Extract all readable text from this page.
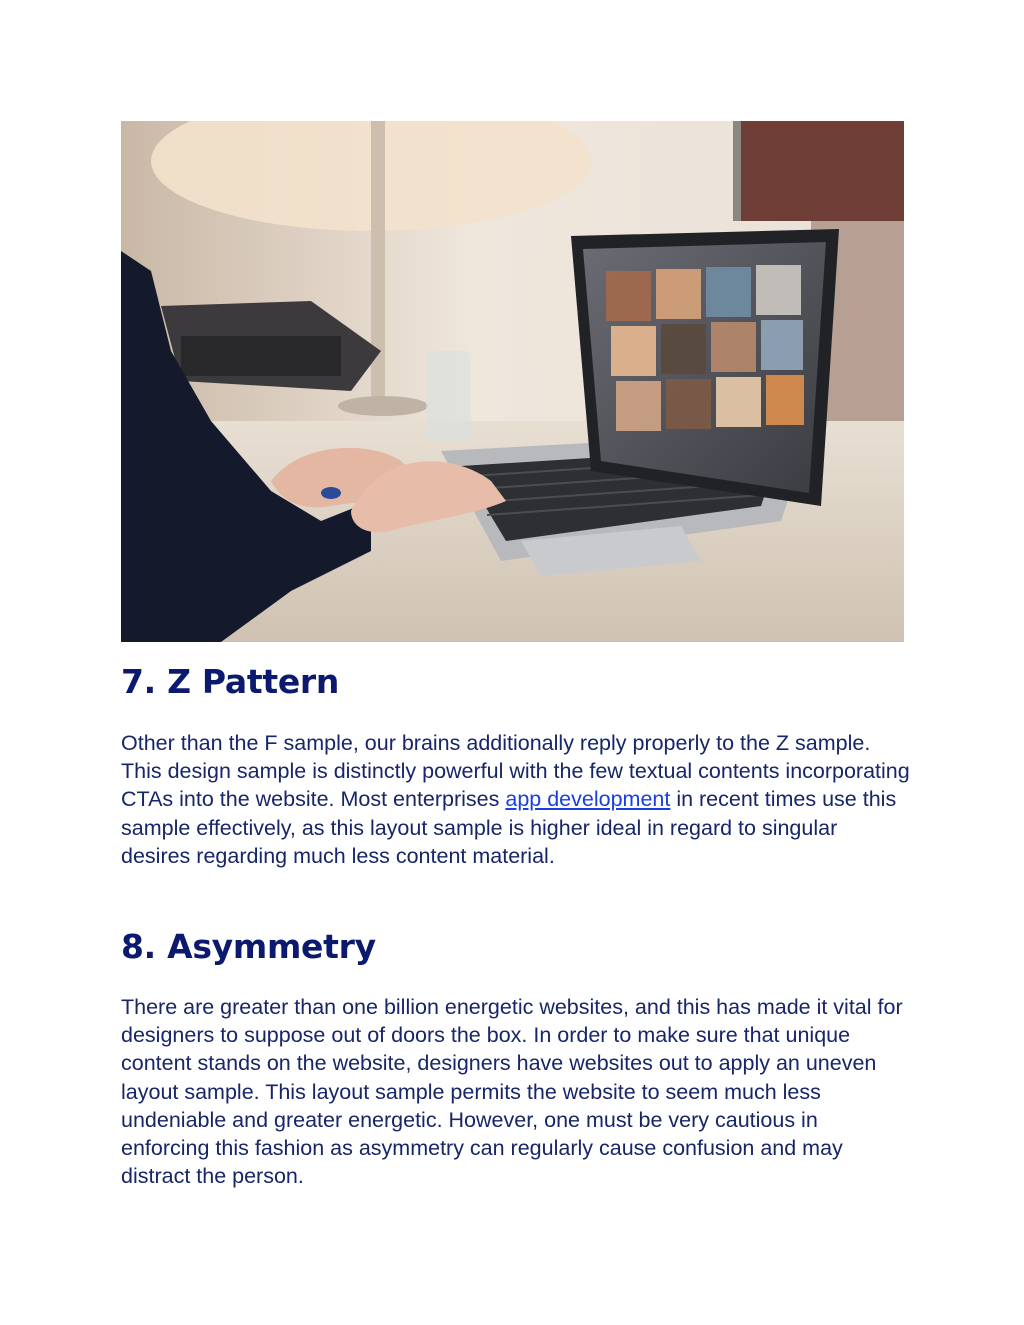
7. Z Pattern

Other than the F sample, our brains additionally reply properly to the Z sample. This design sample is distinctly powerful with the few textual contents incorporating CTAs into the website. Most enterprises app development in recent times use this sample effectively, as this layout sample is higher ideal in regard to singular desires regarding much less content material.

8. Asymmetry

There are greater than one billion energetic websites, and this has made it vital for designers to suppose out of doors the box. In order to make sure that unique content stands on the website, designers have websites out to apply an uneven layout sample. This layout sample permits the website to seem much less undeniable and greater energetic. However, one must be very cautious in enforcing this fashion as asymmetry can regularly cause confusion and may distract the person.
